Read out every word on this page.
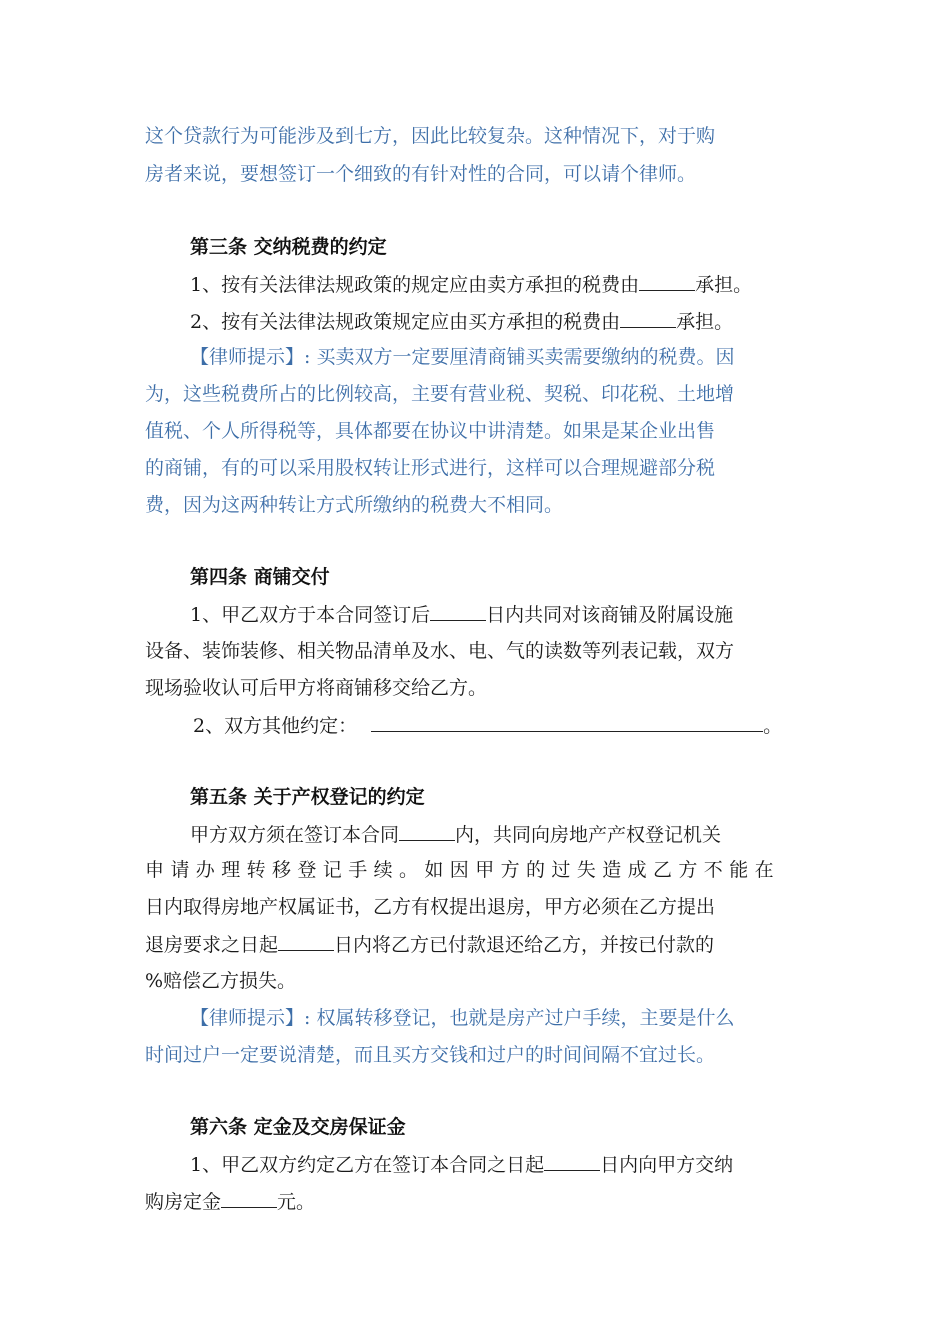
这个贷款行为可能涉及到七方，因此比较复杂。这种情况下，对于购
房者来说，要想签订一个细致的有针对性的合同，可以请个律师。
第三条 交纳税费的约定
1、按有关法律法规政策的规定应由卖方承担的税费由	承担。
2、按有关法律法规政策规定应由买方承担的税费由	承担。
【律师提示】: 买卖双方一定要厘清商铺买卖需要缴纳的税费。因
为，这些税费所占的比例较高，主要有营业税、契税、印花税、土地增
值税、个人所得税等，具体都要在协议中讲清楚。如果是某企业出售
的商铺，有的可以采用股权转让形式进行，这样可以合理规避部分税
费，因为这两种转让方式所缴纳的税费大不相同。
第四条 商铺交付
1、甲乙双方于本合同签订后	日内共同对该商铺及附属设施
设备、装饰装修、相关物品清单及水、电、气的读数等列表记载，双方
现场验收认可后甲方将商铺移交给乙方。
2、双方其他约定：	。
第五条 关于产权登记的约定
甲方双方须在签订本合同	内，共同向房地产产权登记机关
申请办理转移登记手续。如因甲方的过失造成乙方不能在
日内取得房地产权属证书，乙方有权提出退房，甲方必须在乙方提出
退房要求之日起	日内将乙方已付款退还给乙方，并按已付款的
%赔偿乙方损失。
【律师提示】: 权属转移登记，也就是房产过户手续，主要是什么
时间过户一定要说清楚，而且买方交钱和过户的时间间隔不宜过长。
第六条 定金及交房保证金
1、甲乙双方约定乙方在签订本合同之日起	日内向甲方交纳
购房定金	元。
